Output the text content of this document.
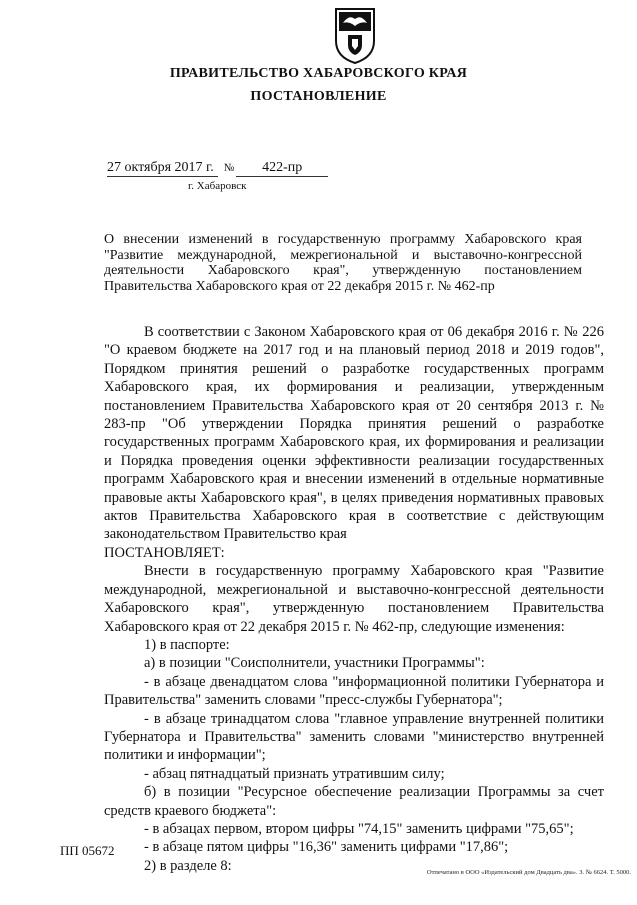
ПРАВИТЕЛЬСТВО ХАБАРОВСКОГО КРАЯ
ПОСТАНОВЛЕНИЕ
27 октября 2017 г. № 422-пр
г. Хабаровск
О внесении изменений в государственную программу Хабаровского края "Развитие международной, межрегиональной и выставочно-конгрессной деятельности Хабаровского края", утвержденную постановлением Правительства Хабаровского края от 22 декабря 2015 г. № 462-пр

В соответствии с Законом Хабаровского края от 06 декабря 2016 г. № 226 "О краевом бюджете на 2017 год и на плановый период 2018 и 2019 годов", Порядком принятия решений о разработке государственных программ Хабаровского края, их формирования и реализации, утвержденным постановлением Правительства Хабаровского края от 20 сентября 2013 г. № 283-пр "Об утверждении Порядка принятия решений о разработке государственных программ Хабаровского края, их формирования и реализации и Порядка проведения оценки эффективности реализации государственных программ Хабаровского края и внесении изменений в отдельные нормативные правовые акты Хабаровского края", в целях приведения нормативных правовых актов Правительства Хабаровского края в соответствие с действующим законодательством Правительство края

ПОСТАНОВЛЯЕТ:

Внести в государственную программу Хабаровского края "Развитие международной, межрегиональной и выставочно-конгрессной деятельности Хабаровского края", утвержденную постановлением Правительства Хабаровского края от 22 декабря 2015 г. № 462-пр, следующие изменения:

1) в паспорте:

а) в позиции "Соисполнители, участники Программы":

- в абзаце двенадцатом слова "информационной политики Губернатора и Правительства" заменить словами "пресс-службы Губернатора";

- в абзаце тринадцатом слова "главное управление внутренней политики Губернатора и Правительства" заменить словами "министерство внутренней политики и информации";

- абзац пятнадцатый признать утратившим силу;

б) в позиции "Ресурсное обеспечение реализации Программы за счет средств краевого бюджета":

- в абзацах первом, втором цифры "74,15" заменить цифрами "75,65";

- в абзаце пятом цифры "16,36" заменить цифрами "17,86";

2) в разделе 8:

ПП 05672
Отпечатано в ООО «Издательский дом Двадцать два». З. № 6624. Т. 5000.
